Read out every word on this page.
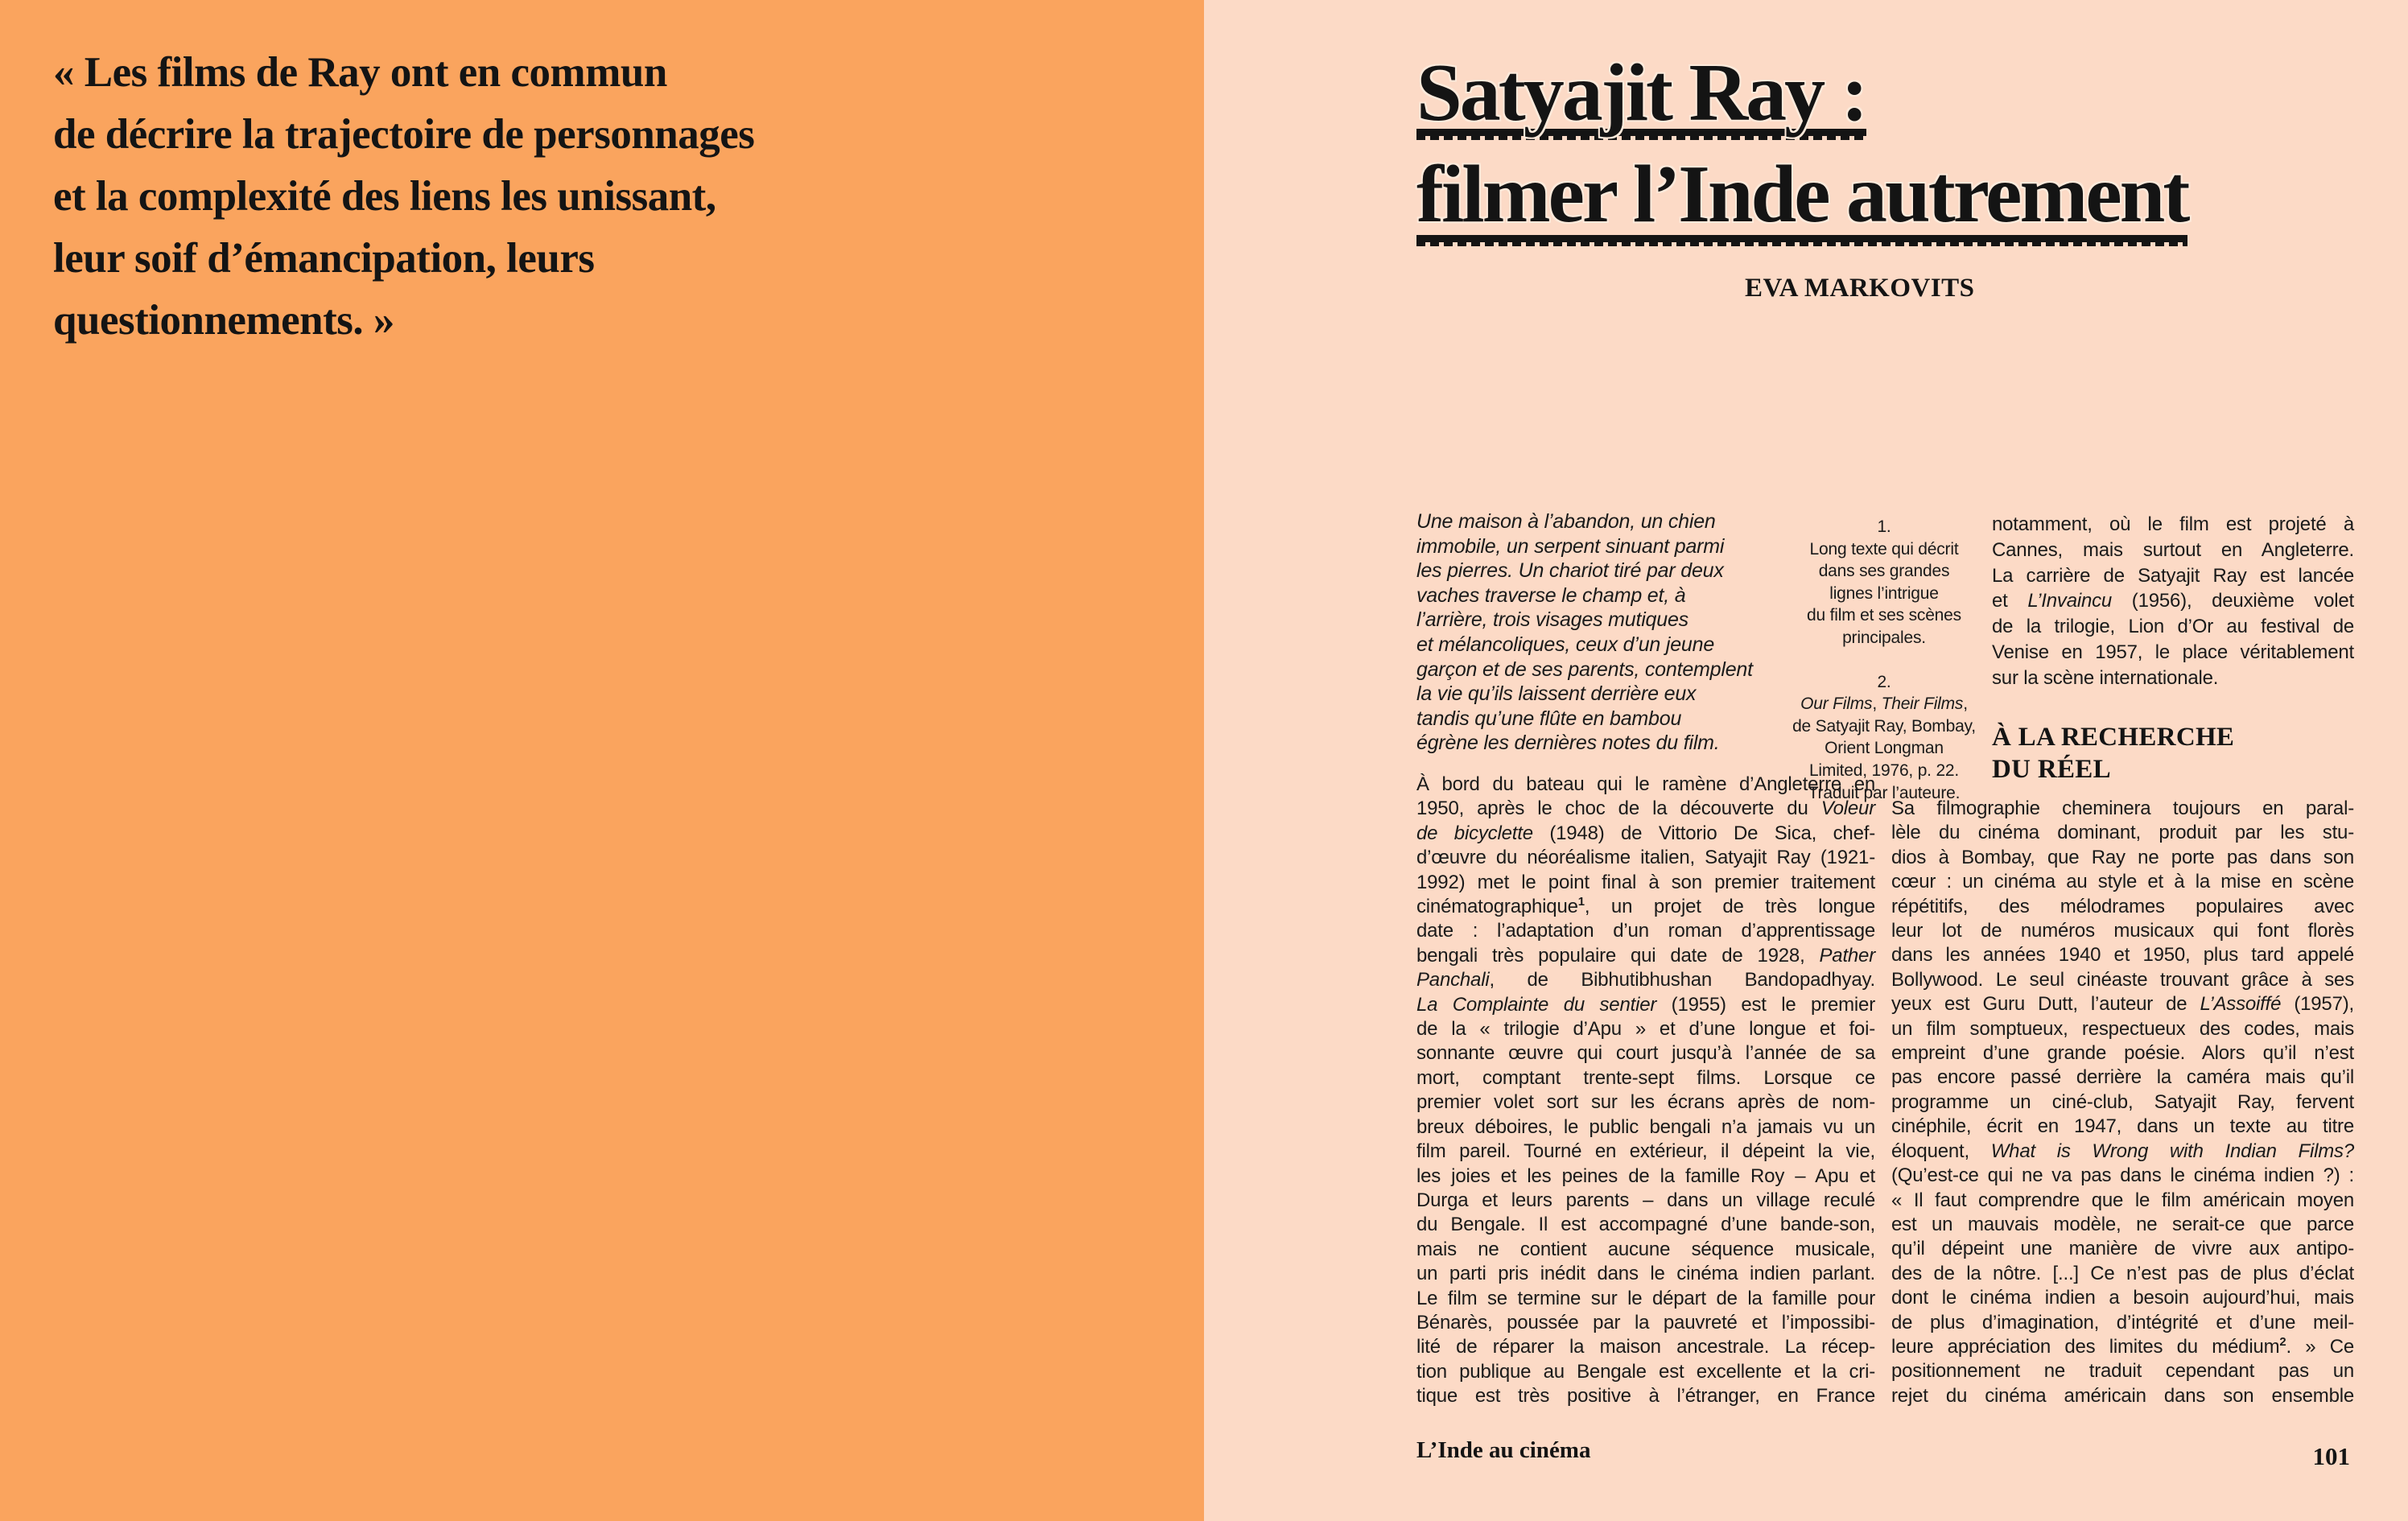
« Les films de Ray ont en commun
de décrire la trajectoire de personnages
et la complexité des liens les unissant,
leur soif d’émancipation, leurs
questionnements. »
Satyajit Ray :
filmer l’Inde autrement
EVA MARKOVITS
Une maison à l’abandon, un chien
immobile, un serpent sinuant parmi
les pierres. Un chariot tiré par deux
vaches traverse le champ et, à
l’arrière, trois visages mutiques
et mélancoliques, ceux d’un jeune
garçon et de ses parents, contemplent
la vie qu’ils laissent derrière eux
tandis qu’une flûte en bambou
égrène les dernières notes du film.
1.
Long texte qui décrit
dans ses grandes
lignes l’intrigue
du film et ses scènes
principales.
2.
Our Films, Their Films,
de Satyajit Ray, Bombay,
Orient Longman
Limited, 1976, p. 22.
Traduit par l’auteure.
notamment, où le film est projeté à
Cannes, mais surtout en Angleterre.
La carrière de Satyajit Ray est lancée
et L’Invaincu (1956), deuxième volet
de la trilogie, Lion d’Or au festival de
Venise en 1957, le place véritablement
sur la scène internationale.
À LA RECHERCHE
DU RÉEL
À bord du bateau qui le ramène d’Angleterre en
1950, après le choc de la découverte du Voleur
de bicyclette (1948) de Vittorio De Sica, chef-
d’œuvre du néoréalisme italien, Satyajit Ray (1921-
1992) met le point final à son premier traitement
cinématographique$^1$, un projet de très longue
date : l’adaptation d’un roman d’apprentissage
bengali très populaire qui date de 1928, Pather
Panchali, de Bibhutibhushan Bandopadhyay.
La Complainte du sentier (1955) est le premier
de la « trilogie d’Apu » et d’une longue et foi-
sonnante œuvre qui court jusqu’à l’année de sa
mort, comptant trente-sept films. Lorsque ce
premier volet sort sur les écrans après de nom-
breux déboires, le public bengali n’a jamais vu un
film pareil. Tourné en extérieur, il dépeint la vie,
les joies et les peines de la famille Roy – Apu et
Durga et leurs parents – dans un village reculé
du Bengale. Il est accompagné d’une bande-son,
mais ne contient aucune séquence musicale,
un parti pris inédit dans le cinéma indien parlant.
Le film se termine sur le départ de la famille pour
Bénarès, poussée par la pauvreté et l’impossibi-
lité de réparer la maison ancestrale. La récep-
tion publique au Bengale est excellente et la cri-
tique est très positive à l’étranger, en France
Sa filmographie cheminera toujours en paral-
lèle du cinéma dominant, produit par les stu-
dios à Bombay, que Ray ne porte pas dans son
cœur : un cinéma au style et à la mise en scène
répétitifs, des mélodrames populaires avec
leur lot de numéros musicaux qui font florès
dans les années 1940 et 1950, plus tard appelé
Bollywood. Le seul cinéaste trouvant grâce à ses
yeux est Guru Dutt, l’auteur de L’Assoiffé (1957),
un film somptueux, respectueux des codes, mais
empreint d’une grande poésie. Alors qu’il n’est
pas encore passé derrière la caméra mais qu’il
programme un ciné-club, Satyajit Ray, fervent
cinéphile, écrit en 1947, dans un texte au titre
éloquent, What is Wrong with Indian Films?
(Qu’est-ce qui ne va pas dans le cinéma indien ?) :
« Il faut comprendre que le film américain moyen
est un mauvais modèle, ne serait-ce que parce
qu’il dépeint une manière de vivre aux antipo-
des de la nôtre. [...] Ce n’est pas de plus d’éclat
dont le cinéma indien a besoin aujourd’hui, mais
de plus d’imagination, d’intégrité et d’une meil-
leure appréciation des limites du médium$^2$. » Ce
positionnement ne traduit cependant pas un
rejet du cinéma américain dans son ensemble
L’Inde au cinéma	101
